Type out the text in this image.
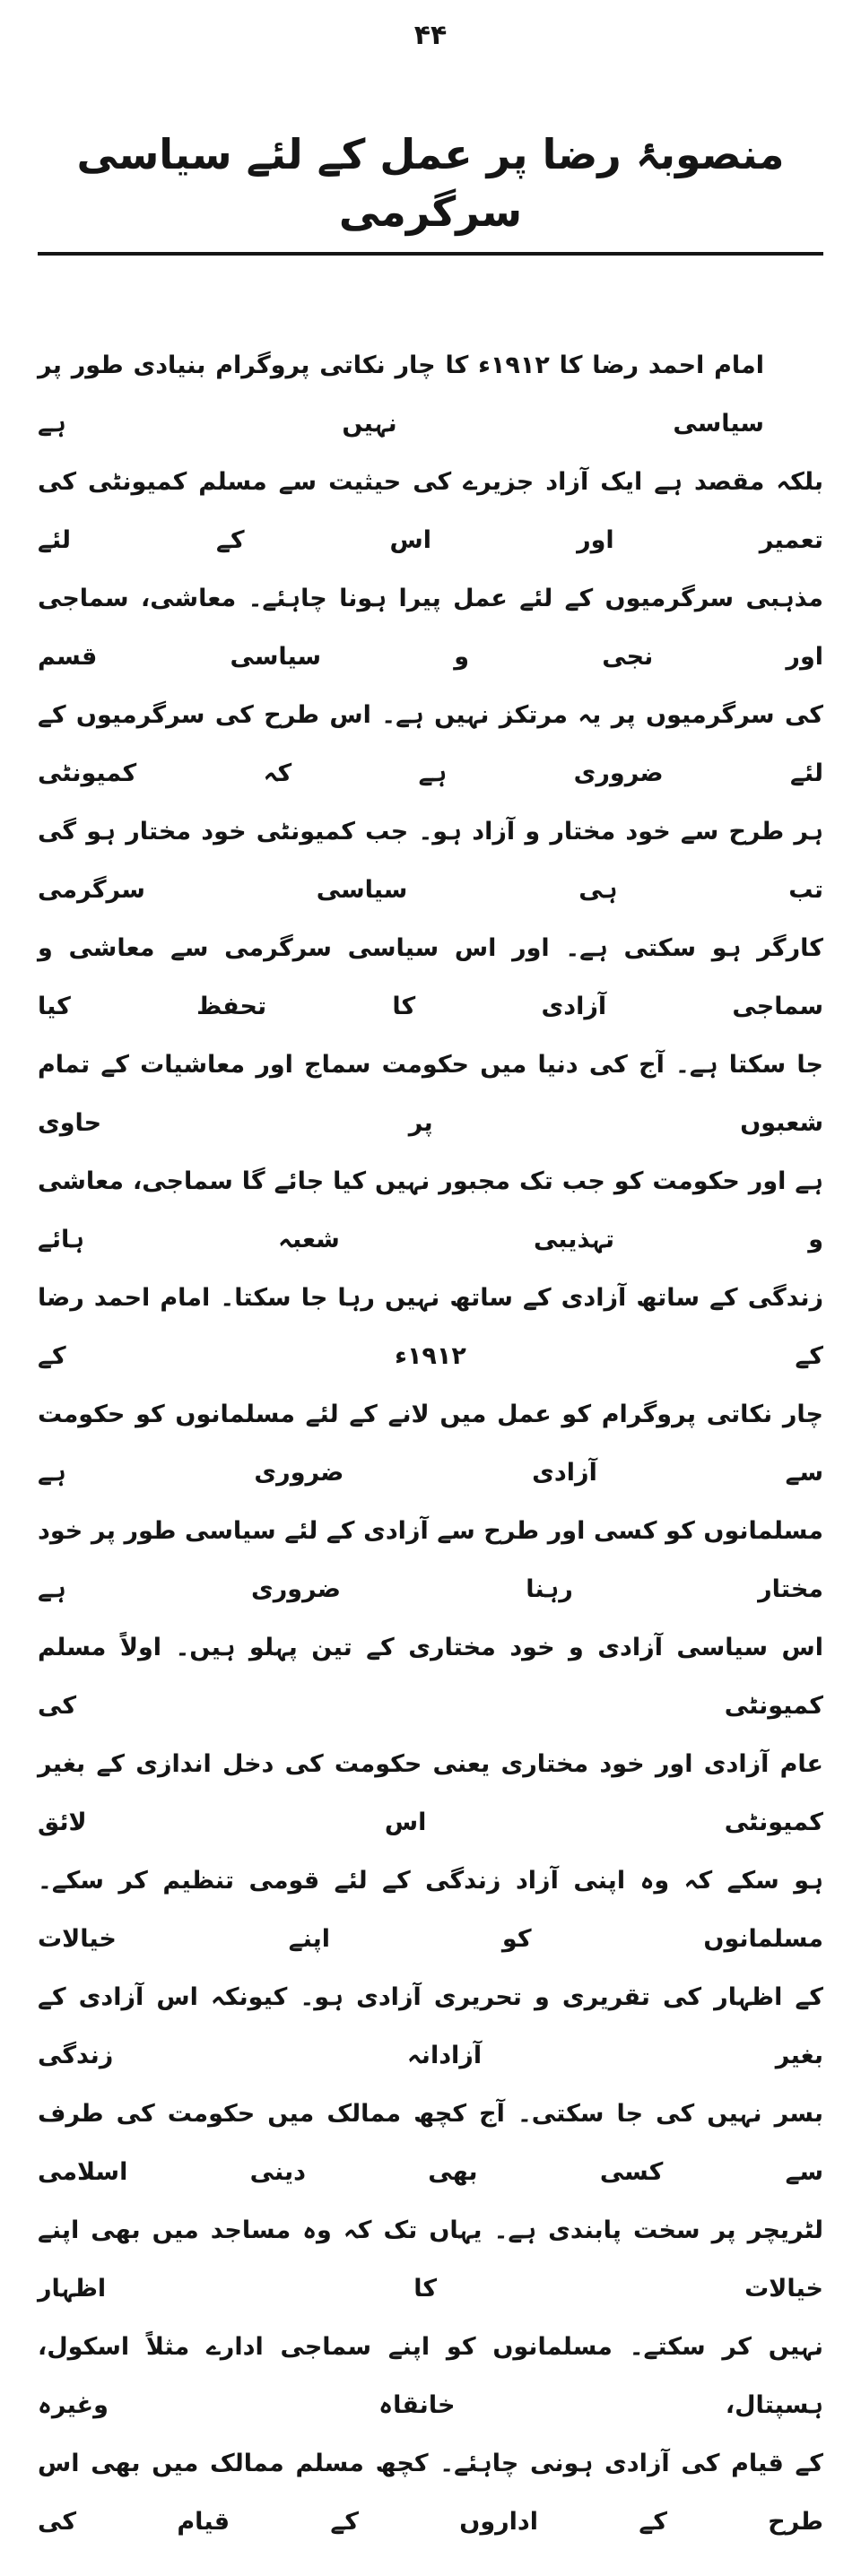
۴۴
منصوبۂ رضا پر عمل کے لئے سیاسی سرگرمی
امام احمد رضا کا ۱۹۱۲ء کا چار نکاتی پروگرام بنیادی طور پر سیاسی نہیں ہے
بلکہ مقصد ہے ایک آزاد جزیرے کی حیثیت سے مسلم کمیونٹی کی تعمیر اور اس کے لئے
مذہبی سرگرمیوں کے لئے عمل پیرا ہونا چاہئے۔ معاشی، سماجی اور نجی و سیاسی قسم
کی سرگرمیوں پر یہ مرتکز نہیں ہے۔ اس طرح کی سرگرمیوں کے لئے ضروری ہے کہ کمیونٹی
ہر طرح سے خود مختار و آزاد ہو۔ جب کمیونٹی خود مختار ہو گی تب ہی سیاسی سرگرمی
کارگر ہو سکتی ہے۔ اور اس سیاسی سرگرمی سے معاشی و سماجی آزادی کا تحفظ کیا
جا سکتا ہے۔ آج کی دنیا میں حکومت سماج اور معاشیات کے تمام شعبوں پر حاوی
ہے اور حکومت کو جب تک مجبور نہیں کیا جائے گا سماجی، معاشی و تہذیبی شعبہ ہائے
زندگی کے ساتھ آزادی کے ساتھ نہیں رہا جا سکتا۔ امام احمد رضا کے ۱۹۱۲ء کے
چار نکاتی پروگرام کو عمل میں لانے کے لئے مسلمانوں کو حکومت سے آزادی ضروری ہے
مسلمانوں کو کسی اور طرح سے آزادی کے لئے سیاسی طور پر خود مختار رہنا ضروری ہے
اس سیاسی آزادی و خود مختاری کے تین پہلو ہیں۔ اولاً مسلم کمیونٹی کی
عام آزادی اور خود مختاری یعنی حکومت کی دخل اندازی کے بغیر کمیونٹی اس لائق
ہو سکے کہ وہ اپنی آزاد زندگی کے لئے قومی تنظیم کر سکے۔ مسلمانوں کو اپنے خیالات
کے اظہار کی تقریری و تحریری آزادی ہو۔ کیونکہ اس آزادی کے بغیر آزادانہ زندگی
بسر نہیں کی جا سکتی۔ آج کچھ ممالک میں حکومت کی طرف سے کسی بھی دینی اسلامی
لٹریچر پر سخت پابندی ہے۔ یہاں تک کہ وہ مساجد میں بھی اپنے خیالات کا اظہار
نہیں کر سکتے۔ مسلمانوں کو اپنے سماجی ادارے مثلاً اسکول، ہسپتال، خانقاہ وغیرہ
کے قیام کی آزادی ہونی چاہئے۔ کچھ مسلم ممالک میں بھی اس طرح کے اداروں کے قیام کی
